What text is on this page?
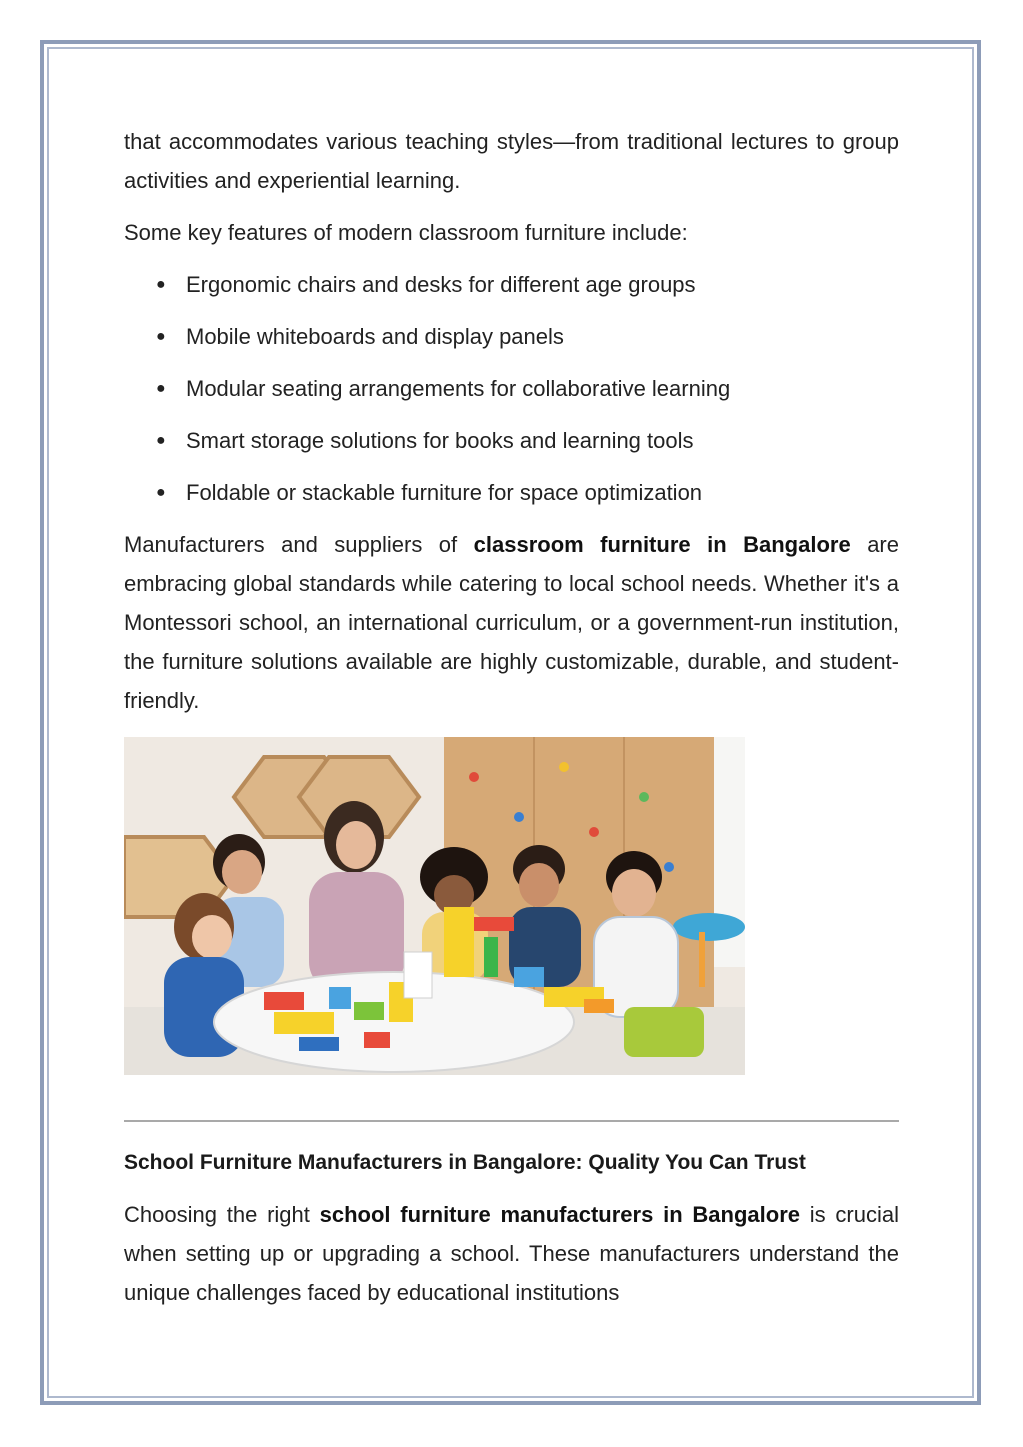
that accommodates various teaching styles—from traditional lectures to group activities and experiential learning.

Some key features of modern classroom furniture include:

● Ergonomic chairs and desks for different age groups
● Mobile whiteboards and display panels
● Modular seating arrangements for collaborative learning
● Smart storage solutions for books and learning tools
● Foldable or stackable furniture for space optimization

Manufacturers and suppliers of classroom furniture in Bangalore are embracing global standards while catering to local school needs. Whether it's a Montessori school, an international curriculum, or a government-run institution, the furniture solutions available are highly customizable, durable, and student-friendly.

School Furniture Manufacturers in Bangalore: Quality You Can Trust

Choosing the right school furniture manufacturers in Bangalore is crucial when setting up or upgrading a school. These manufacturers understand the unique challenges faced by educational institutions
